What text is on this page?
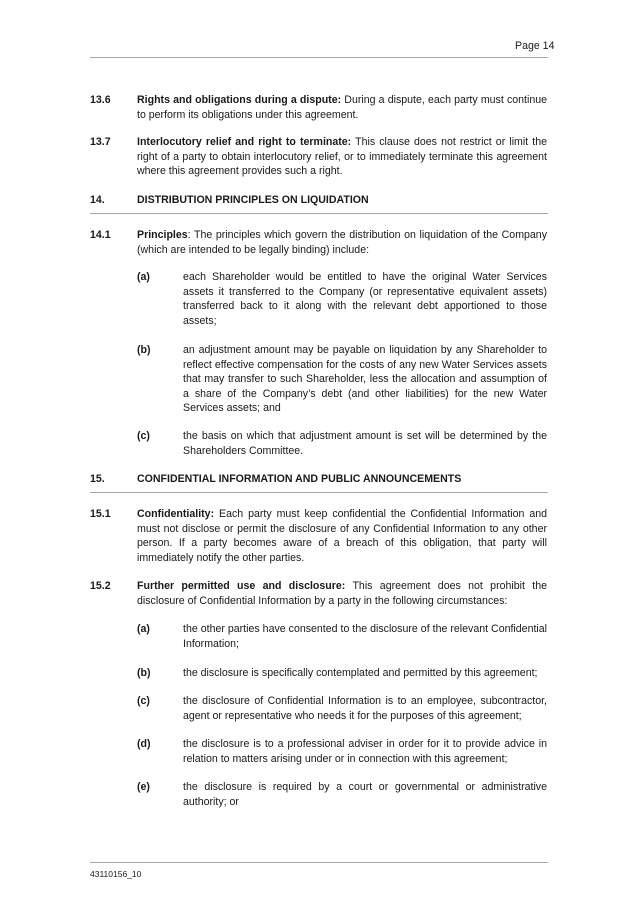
Page 14
13.6 Rights and obligations during a dispute: During a dispute, each party must continue to perform its obligations under this agreement.
13.7 Interlocutory relief and right to terminate: This clause does not restrict or limit the right of a party to obtain interlocutory relief, or to immediately terminate this agreement where this agreement provides such a right.
14.	DISTRIBUTION PRINCIPLES ON LIQUIDATION
14.1 Principles: The principles which govern the distribution on liquidation of the Company (which are intended to be legally binding) include:
(a)	each Shareholder would be entitled to have the original Water Services assets it transferred to the Company (or representative equivalent assets) transferred back to it along with the relevant debt apportioned to those assets;
(b)	an adjustment amount may be payable on liquidation by any Shareholder to reflect effective compensation for the costs of any new Water Services assets that may transfer to such Shareholder, less the allocation and assumption of a share of the Company’s debt (and other liabilities) for the new Water Services assets; and
(c)	the basis on which that adjustment amount is set will be determined by the Shareholders Committee.
15.	CONFIDENTIAL INFORMATION AND PUBLIC ANNOUNCEMENTS
15.1 Confidentiality: Each party must keep confidential the Confidential Information and must not disclose or permit the disclosure of any Confidential Information to any other person. If a party becomes aware of a breach of this obligation, that party will immediately notify the other parties.
15.2 Further permitted use and disclosure: This agreement does not prohibit the disclosure of Confidential Information by a party in the following circumstances:
(a)	the other parties have consented to the disclosure of the relevant Confidential Information;
(b)	the disclosure is specifically contemplated and permitted by this agreement;
(c)	the disclosure of Confidential Information is to an employee, subcontractor, agent or representative who needs it for the purposes of this agreement;
(d)	the disclosure is to a professional adviser in order for it to provide advice in relation to matters arising under or in connection with this agreement;
(e)	the disclosure is required by a court or governmental or administrative authority; or
43110156_10
